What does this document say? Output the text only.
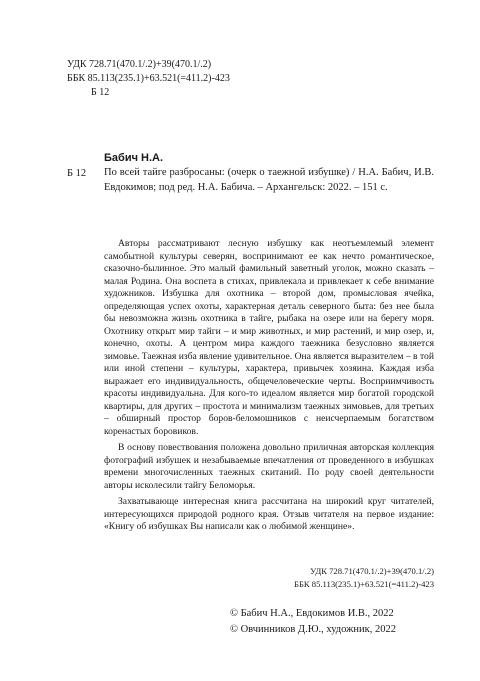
УДК 728.71(470.1/.2)+39(470.1/.2)
ББК 85.113(235.1)+63.521(=411.2)-423
Б 12
Бабич Н.А.
Б 12 По всей тайге разбросаны: (очерк о таежной избушке) / Н.А. Бабич, И.В. Евдокимов; под ред. Н.А. Бабича. – Архангельск: 2022. – 151 с.

Авторы рассматривают лесную избушку как неотъемлемый элемент самобытной культуры северян, воспринимают ее как нечто романтическое, сказочно-былинное. Это малый фамильный заветный уголок, можно сказать – малая Родина. Она воспета в стихах, привлекала и привлекает к себе внимание художников. Избушка для охотника – второй дом, промысловая ячейка, определяющая успех охоты, характерная деталь северного быта: без нее была бы невозможна жизнь охотника в тайге, рыбака на озере или на берегу моря. Охотнику открыт мир тайги – и мир животных, и мир растений, и мир озер, и, конечно, охоты. А центром мира каждого таежника безусловно является зимовье. Таежная изба явление удивительное. Она является выразителем – в той или иной степени – культуры, характера, привычек хозяина. Каждая изба выражает его индивидуальность, общечеловеческие черты. Восприимчивость красоты индивидуальна. Для кого-то идеалом является мир богатой городской квартиры, для других – простота и минимализм таежных зимовьев, для третьих – обширный простор боров-беломошников с неисчерпаемым богатством коренастых боровиков.

В основу повествования положена довольно приличная авторская коллекция фотографий избушек и незабываемые впечатления от проведенного в избушках времени многочисленных таежных скитаний. По роду своей деятельности авторы исколесили тайгу Беломорья.

Захватывающе интересная книга рассчитана на широкий круг читателей, интересующихся природой родного края. Отзыв читателя на первое издание: «Книгу об избушках Вы написали как о любимой женщине».

УДК 728.71(470.1/.2)+39(470.1/.2)
ББК 85.113(235.1)+63.521(=411.2)-423
© Бабич Н.А., Евдокимов И.В., 2022
© Овчинников Д.Ю., художник, 2022
